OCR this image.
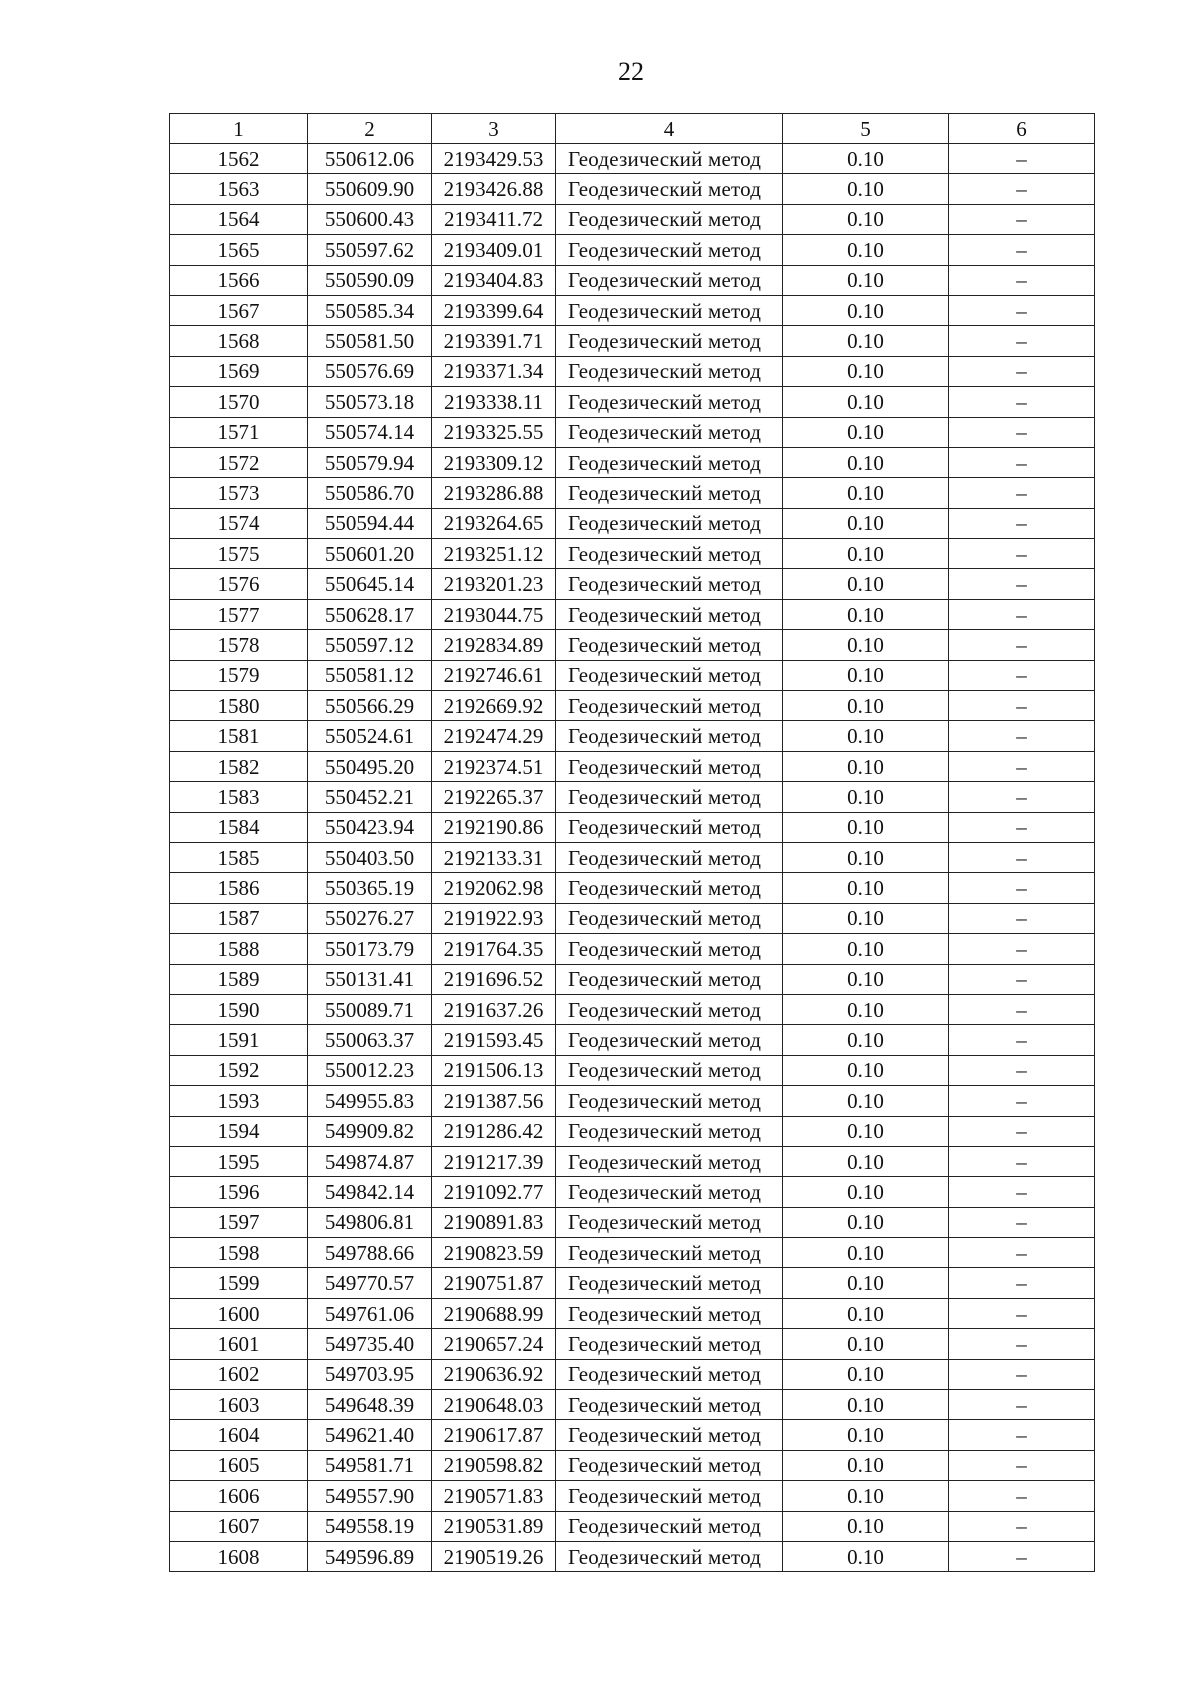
22
1	2	3	4	5	6
1562	550612.06	2193429.53	Геодезический метод	0.10	–
1563	550609.90	2193426.88	Геодезический метод	0.10	–
1564	550600.43	2193411.72	Геодезический метод	0.10	–
1565	550597.62	2193409.01	Геодезический метод	0.10	–
1566	550590.09	2193404.83	Геодезический метод	0.10	–
1567	550585.34	2193399.64	Геодезический метод	0.10	–
1568	550581.50	2193391.71	Геодезический метод	0.10	–
1569	550576.69	2193371.34	Геодезический метод	0.10	–
1570	550573.18	2193338.11	Геодезический метод	0.10	–
1571	550574.14	2193325.55	Геодезический метод	0.10	–
1572	550579.94	2193309.12	Геодезический метод	0.10	–
1573	550586.70	2193286.88	Геодезический метод	0.10	–
1574	550594.44	2193264.65	Геодезический метод	0.10	–
1575	550601.20	2193251.12	Геодезический метод	0.10	–
1576	550645.14	2193201.23	Геодезический метод	0.10	–
1577	550628.17	2193044.75	Геодезический метод	0.10	–
1578	550597.12	2192834.89	Геодезический метод	0.10	–
1579	550581.12	2192746.61	Геодезический метод	0.10	–
1580	550566.29	2192669.92	Геодезический метод	0.10	–
1581	550524.61	2192474.29	Геодезический метод	0.10	–
1582	550495.20	2192374.51	Геодезический метод	0.10	–
1583	550452.21	2192265.37	Геодезический метод	0.10	–
1584	550423.94	2192190.86	Геодезический метод	0.10	–
1585	550403.50	2192133.31	Геодезический метод	0.10	–
1586	550365.19	2192062.98	Геодезический метод	0.10	–
1587	550276.27	2191922.93	Геодезический метод	0.10	–
1588	550173.79	2191764.35	Геодезический метод	0.10	–
1589	550131.41	2191696.52	Геодезический метод	0.10	–
1590	550089.71	2191637.26	Геодезический метод	0.10	–
1591	550063.37	2191593.45	Геодезический метод	0.10	–
1592	550012.23	2191506.13	Геодезический метод	0.10	–
1593	549955.83	2191387.56	Геодезический метод	0.10	–
1594	549909.82	2191286.42	Геодезический метод	0.10	–
1595	549874.87	2191217.39	Геодезический метод	0.10	–
1596	549842.14	2191092.77	Геодезический метод	0.10	–
1597	549806.81	2190891.83	Геодезический метод	0.10	–
1598	549788.66	2190823.59	Геодезический метод	0.10	–
1599	549770.57	2190751.87	Геодезический метод	0.10	–
1600	549761.06	2190688.99	Геодезический метод	0.10	–
1601	549735.40	2190657.24	Геодезический метод	0.10	–
1602	549703.95	2190636.92	Геодезический метод	0.10	–
1603	549648.39	2190648.03	Геодезический метод	0.10	–
1604	549621.40	2190617.87	Геодезический метод	0.10	–
1605	549581.71	2190598.82	Геодезический метод	0.10	–
1606	549557.90	2190571.83	Геодезический метод	0.10	–
1607	549558.19	2190531.89	Геодезический метод	0.10	–
1608	549596.89	2190519.26	Геодезический метод	0.10	–
